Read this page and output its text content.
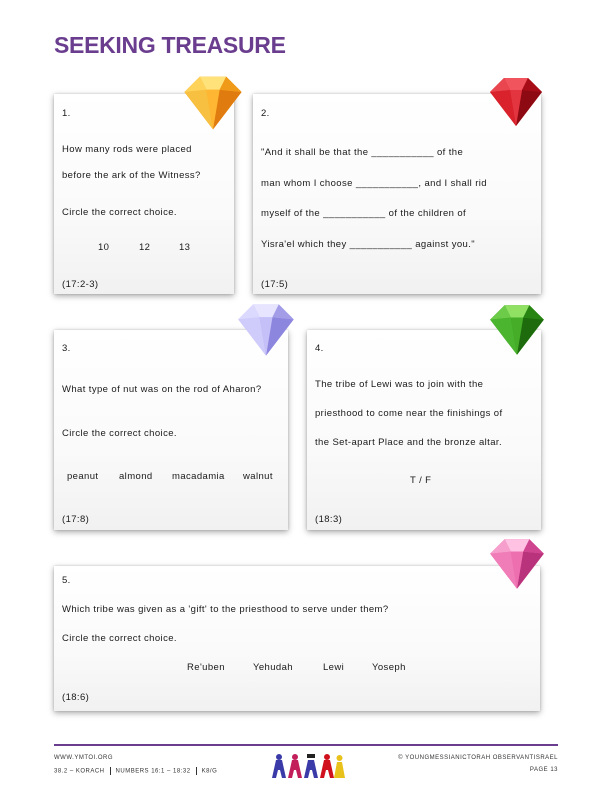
SEEKING TREASURE
1.
How many rods were placed
before the ark of the Witness?
Circle the correct choice.
10	12	13
(17:2-3)
2.
"And it shall be that the ___________ of the
man whom I choose ___________, and I shall rid
myself of the ___________ of the children of
Yisra'el which they ___________ against you."
(17:5)
3.
What type of nut was on the rod of Aharon?
Circle the correct choice.
peanut almond macadamia walnut
(17:8)
4.
The tribe of Lewi was to join with the
priesthood to come near the finishings of
the Set-apart Place and the bronze altar.
T / F
(18:3)
5.
Which tribe was given as a 'gift' to the priesthood to serve under them?
Circle the correct choice.
Re'uben	Yehudah	Lewi	Yoseph
(18:6)
WWW.YMTOI.ORG
38.2 – KORACH NUMBERS 16:1 – 18:32 K8/G
© YOUNGMESSIANICTORAH OBSERVANTISRAEL
PAGE 13
